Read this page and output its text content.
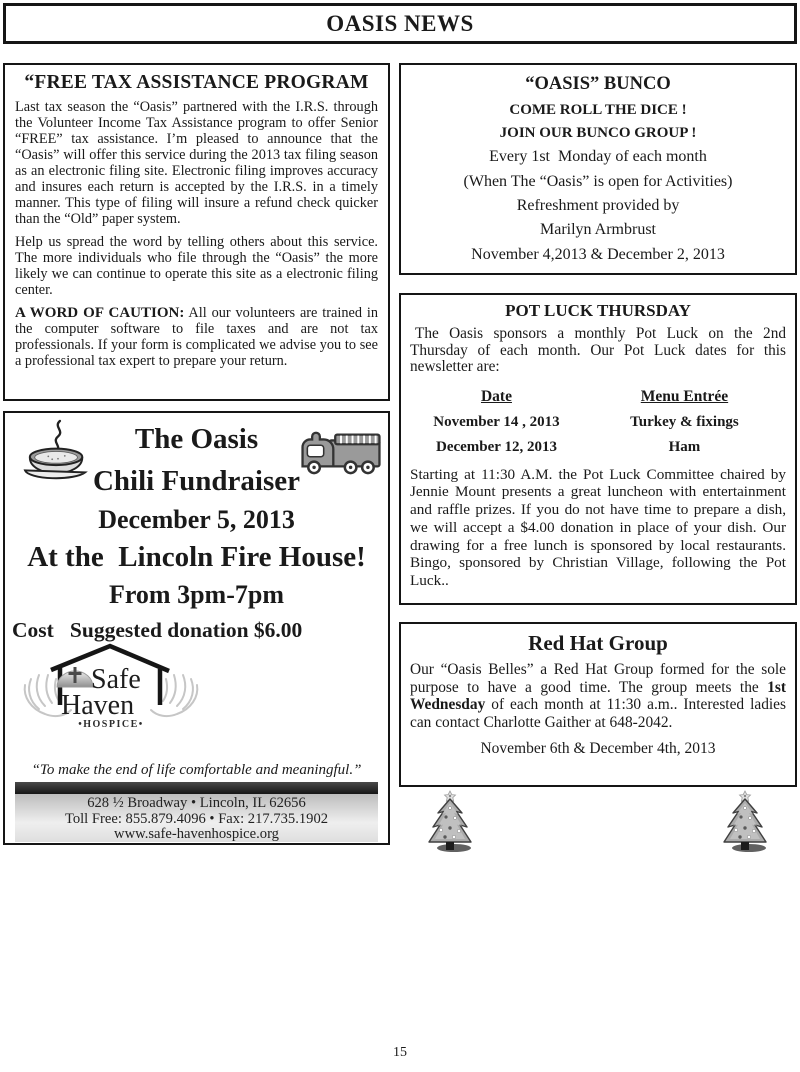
OASIS NEWS
“FREE TAX ASSISTANCE PROGRAM

Last tax season the “Oasis” partnered with the I.R.S. through the Volunteer Income Tax Assistance program to offer Senior “FREE” tax assistance. I’m pleased to announce that the “Oasis” will offer this service during the 2013 tax filing season as an electronic filing site. Electronic filing improves accuracy and insures each return is accepted by the I.R.S. in a timely manner. This type of filing will insure a refund check quicker than the “Old” paper system.

Help us spread the word by telling others about this service. The more individuals who file through the “Oasis” the more likely we can continue to operate this site as a electronic filing center.

A WORD OF CAUTION: All our volunteers are trained in the computer software to file taxes and are not tax professionals. If your form is complicated we advise you to see a professional tax expert to prepare your return.

The Oasis
Chili Fundraiser
December 5, 2013
At the  Lincoln Fire House!
From 3pm-7pm
Cost   Suggested donation $6.00
Safe
Haven
•HOSPICE•
“To make the end of life comfortable and meaningful.”
628 ½ Broadway • Lincoln, IL 62656
Toll Free: 855.879.4096 • Fax: 217.735.1902
www.safe-havenhospice.org
“OASIS” BUNCO
COME ROLL THE DICE !
JOIN OUR BUNCO GROUP !
Every 1st  Monday of each month
(When The “Oasis” is open for Activities)
Refreshment provided by
Marilyn Armbrust
November 4,2013 & December 2, 2013
POT LUCK THURSDAY

The Oasis sponsors a monthly Pot Luck on the 2nd Thursday of each month. Our Pot Luck dates for this newsletter are:

Date	Menu Entrée
November 14 , 2013	Turkey & fixings
December 12, 2013	Ham

Starting at 11:30 A.M. the Pot Luck Committee chaired by Jennie Mount presents a great luncheon with entertainment and raffle prizes. If you do not have time to prepare a dish, we will accept a $4.00 donation in place of your dish. Our drawing for a free lunch is sponsored by local restaurants. Bingo, sponsored by Christian Village, following the Pot Luck..

Red Hat Group

Our “Oasis Belles” a Red Hat Group formed for the sole purpose to have a good time. The group meets the 1st Wednesday of each month at 11:30 a.m.. Interested ladies can contact Charlotte Gaither at 648-2042.

November 6th & December 4th, 2013
15
